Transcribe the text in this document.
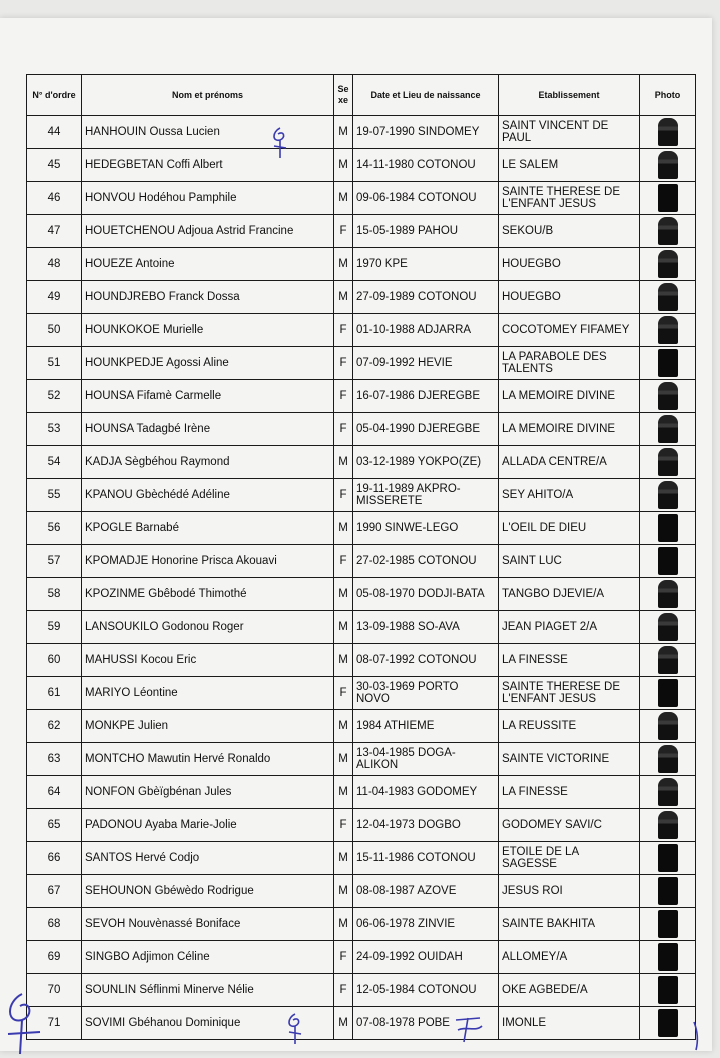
N° d'ordre	Nom et prénoms	Se xe	Date et Lieu de naissance	Etablissement	Photo
44	HANHOUIN Oussa Lucien	M	19-07-1990 SINDOMEY	SAINT VINCENT DE PAUL	
45	HEDEGBETAN Coffi Albert	M	14-11-1980 COTONOU	LE SALEM	
46	HONVOU Hodéhou Pamphile	M	09-06-1984 COTONOU	SAINTE THERESE DE L'ENFANT JESUS	
47	HOUETCHENOU Adjoua Astrid Francine	F	15-05-1989 PAHOU	SEKOU/B	
48	HOUEZE Antoine	M	1970 KPE	HOUEGBO	
49	HOUNDJREBO Franck Dossa	M	27-09-1989 COTONOU	HOUEGBO	
50	HOUNKOKOE Murielle	F	01-10-1988 ADJARRA	COCOTOMEY FIFAMEY	
51	HOUNKPEDJE Agossi Aline	F	07-09-1992 HEVIE	LA PARABOLE DES TALENTS	
52	HOUNSA Fifamè Carmelle	F	16-07-1986 DJEREGBE	LA MEMOIRE DIVINE	
53	HOUNSA Tadagbé Irène	F	05-04-1990 DJEREGBE	LA MEMOIRE DIVINE	
54	KADJA Sègbéhou Raymond	M	03-12-1989 YOKPO(ZE)	ALLADA CENTRE/A	
55	KPANOU Gbèchédé Adéline	F	19-11-1989 AKPRO-MISSERETE	SEY AHITO/A	
56	KPOGLE Barnabé	M	1990 SINWE-LEGO	L'OEIL DE DIEU	
57	KPOMADJE Honorine Prisca Akouavi	F	27-02-1985 COTONOU	SAINT LUC	
58	KPOZINME Gbêbodé Thimothé	M	05-08-1970 DODJI-BATA	TANGBO DJEVIE/A	
59	LANSOUKILO Godonou Roger	M	13-09-1988 SO-AVA	JEAN PIAGET 2/A	
60	MAHUSSI Kocou Eric	M	08-07-1992 COTONOU	LA FINESSE	
61	MARIYO Léontine	F	30-03-1969 PORTO NOVO	SAINTE THERESE DE L'ENFANT JESUS	
62	MONKPE Julien	M	1984 ATHIEME	LA REUSSITE	
63	MONTCHO Mawutin Hervé Ronaldo	M	13-04-1985 DOGA-ALIKON	SAINTE VICTORINE	
64	NONFON Gbèïgbénan Jules	M	11-04-1983 GODOMEY	LA FINESSE	
65	PADONOU Ayaba Marie-Jolie	F	12-04-1973 DOGBO	GODOMEY SAVI/C	
66	SANTOS Hervé Codjo	M	15-11-1986 COTONOU	ETOILE DE LA SAGESSE	
67	SEHOUNON Gbéwèdo Rodrigue	M	08-08-1987 AZOVE	JESUS ROI	
68	SEVOH Nouvènassé Boniface	M	06-06-1978 ZINVIE	SAINTE BAKHITA	
69	SINGBO Adjimon Céline	F	24-09-1992 OUIDAH	ALLOMEY/A	
70	SOUNLIN Séflinmi Minerve Nélie	F	12-05-1984 COTONOU	OKE AGBEDE/A	
71	SOVIMI Gbéhanou Dominique	M	07-08-1978 POBE	IMONLE	
